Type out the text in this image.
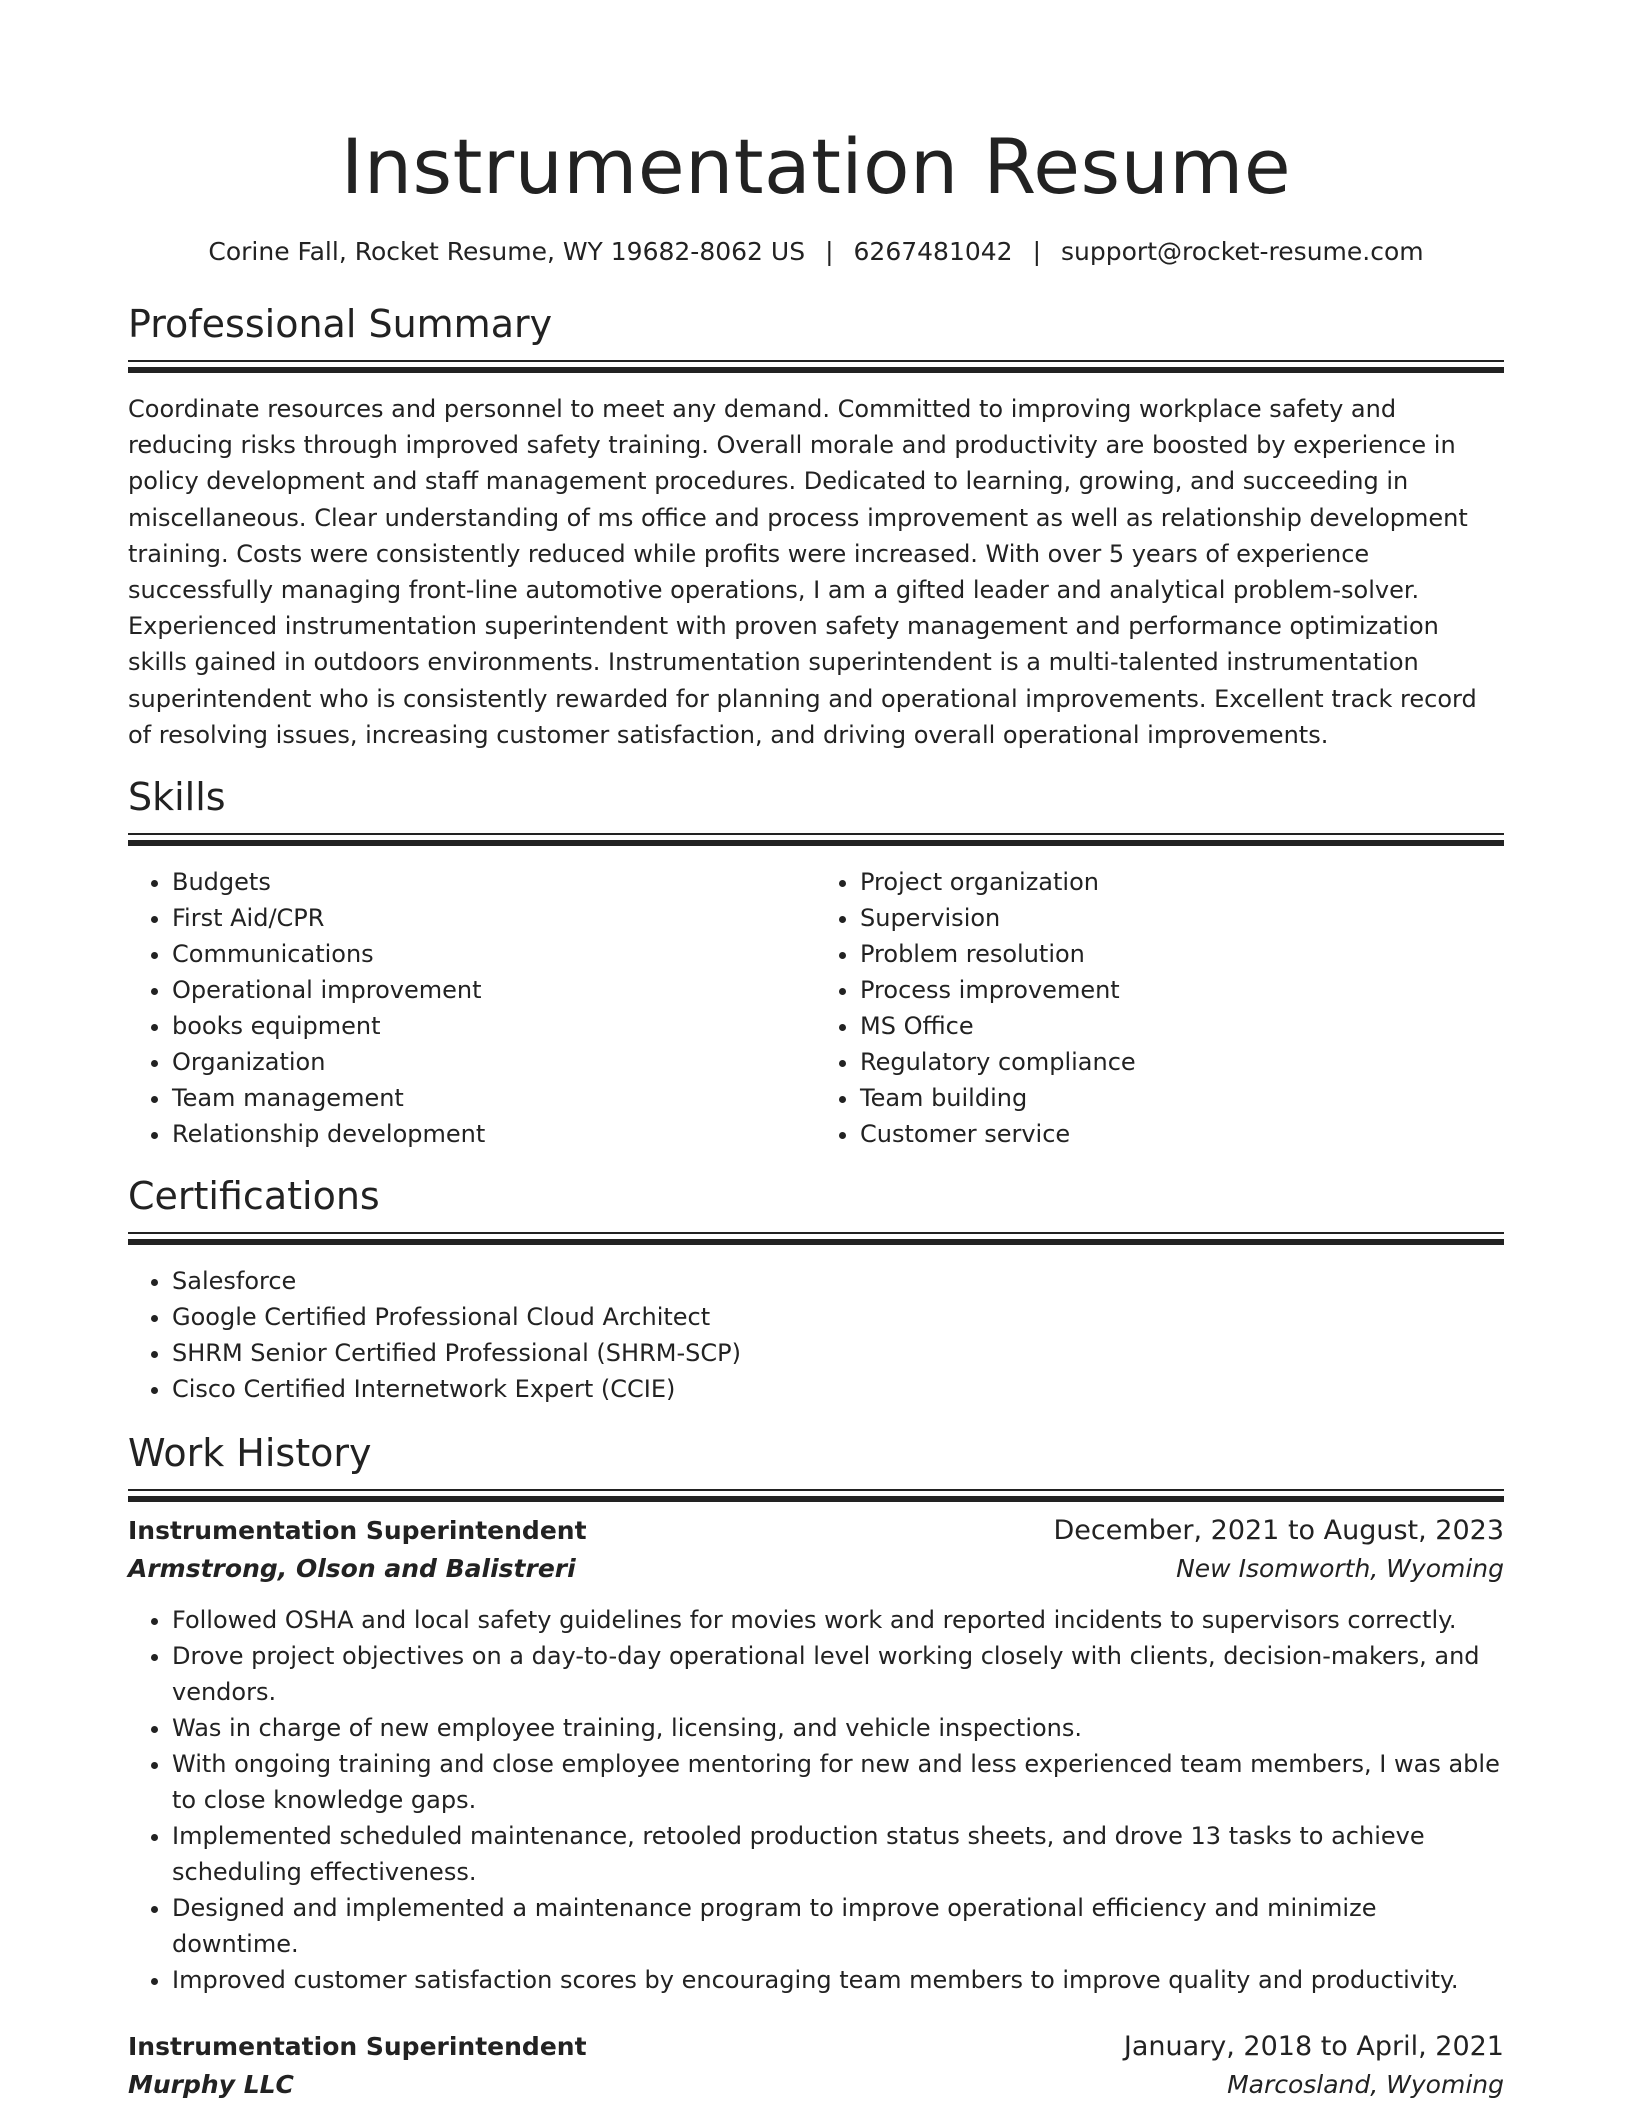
Instrumentation Resume
Corine Fall, Rocket Resume, WY 19682-8062 US | 6267481042 | support@rocket-resume.com
Professional Summary

Coordinate resources and personnel to meet any demand. Committed to improving workplace safety and reducing risks through improved safety training. Overall morale and productivity are boosted by experience in policy development and staff management procedures. Dedicated to learning, growing, and succeeding in miscellaneous. Clear understanding of ms office and process improvement as well as relationship development training. Costs were consistently reduced while profits were increased. With over 5 years of experience successfully managing front-line automotive operations, I am a gifted leader and analytical problem-solver. Experienced instrumentation superintendent with proven safety management and performance optimization skills gained in outdoors environments. Instrumentation superintendent is a multi-talented instrumentation superintendent who is consistently rewarded for planning and operational improvements. Excellent track record of resolving issues, increasing customer satisfaction, and driving overall operational improvements.

Skills
• Budgets
• First Aid/CPR
• Communications
• Operational improvement
• books equipment
• Organization
• Team management
• Relationship development
• Project organization
• Supervision
• Problem resolution
• Process improvement
• MS Office
• Regulatory compliance
• Team building
• Customer service
Certifications
• Salesforce
• Google Certified Professional Cloud Architect
• SHRM Senior Certified Professional (SHRM-SCP)
• Cisco Certified Internetwork Expert (CCIE)
Work History
Instrumentation Superintendent	December, 2021 to August, 2023
Armstrong, Olson and Balistreri	New Isomworth, Wyoming
• Followed OSHA and local safety guidelines for movies work and reported incidents to supervisors correctly.
• Drove project objectives on a day-to-day operational level working closely with clients, decision-makers, and vendors.
• Was in charge of new employee training, licensing, and vehicle inspections.
• With ongoing training and close employee mentoring for new and less experienced team members, I was able to close knowledge gaps.
• Implemented scheduled maintenance, retooled production status sheets, and drove 13 tasks to achieve scheduling effectiveness.
• Designed and implemented a maintenance program to improve operational efficiency and minimize downtime.
• Improved customer satisfaction scores by encouraging team members to improve quality and productivity.
Instrumentation Superintendent	January, 2018 to April, 2021
Murphy LLC	Marcosland, Wyoming
